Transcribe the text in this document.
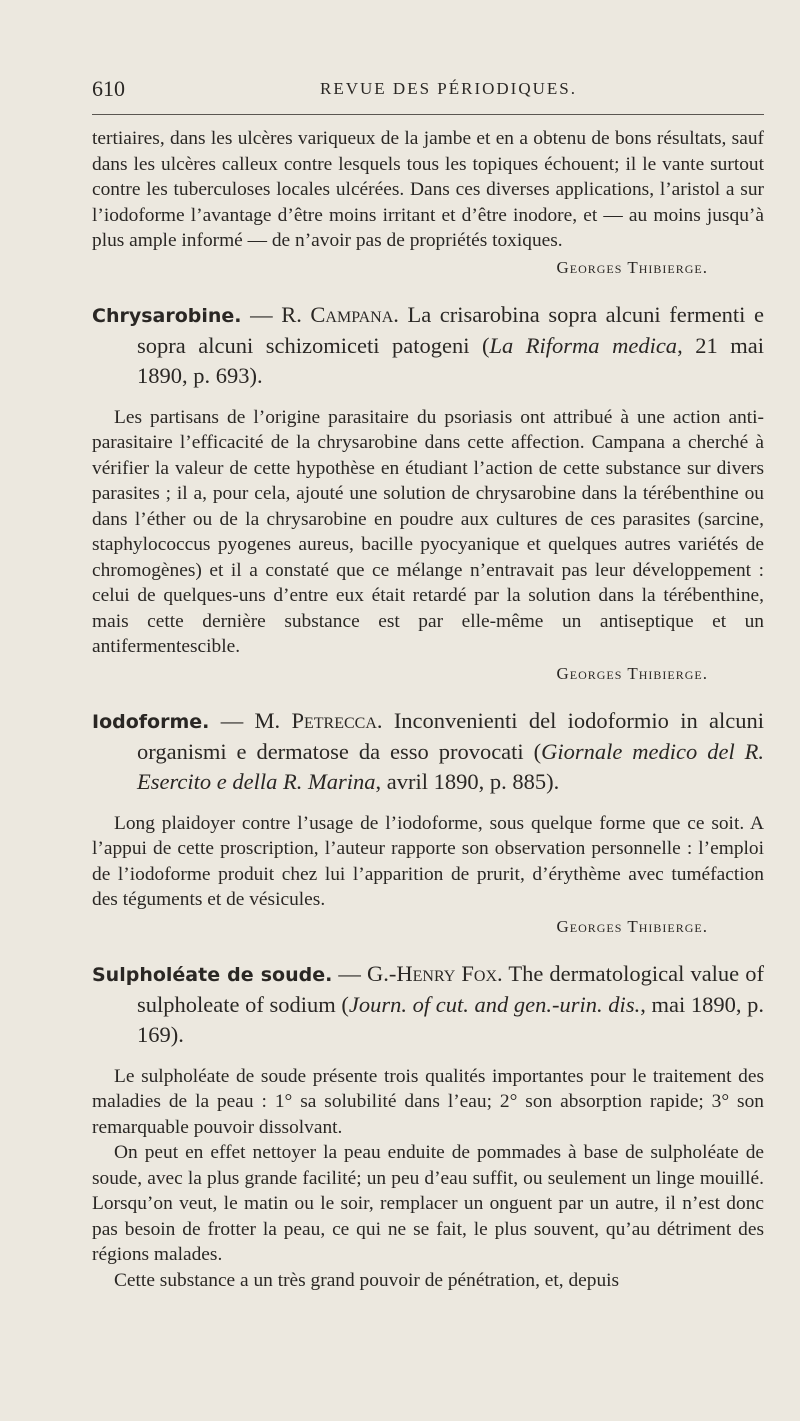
610	REVUE DES PÉRIODIQUES.

tertiaires, dans les ulcères variqueux de la jambe et en a obtenu de bons résultats, sauf dans les ulcères calleux contre lesquels tous les topiques échouent; il le vante surtout contre les tuberculoses locales ulcérées. Dans ces diverses applications, l’aristol a sur l’iodoforme l’avantage d’être moins irritant et d’être inodore, et — au moins jusqu’à plus ample informé — de n’avoir pas de propriétés toxiques.

Georges Thibierge.

Chrysarobine. — R. Campana. La crisarobina sopra alcuni fermenti e sopra alcuni schizomiceti patogeni (La Riforma medica, 21 mai 1890, p. 693).

Les partisans de l’origine parasitaire du psoriasis ont attribué à une action anti-parasitaire l’efficacité de la chrysarobine dans cette affection. Campana a cherché à vérifier la valeur de cette hypothèse en étudiant l’action de cette substance sur divers parasites ; il a, pour cela, ajouté une solution de chrysarobine dans la térébenthine ou dans l’éther ou de la chrysarobine en poudre aux cultures de ces parasites (sarcine, staphylococcus pyogenes aureus, bacille pyocyanique et quelques autres variétés de chromogènes) et il a constaté que ce mélange n’entravait pas leur développement : celui de quelques-uns d’entre eux était retardé par la solution dans la térébenthine, mais cette dernière substance est par elle-même un antiseptique et un antifermentescible.

Georges Thibierge.

Iodoforme. — M. Petrecca. Inconvenienti del iodoformio in alcuni organismi e dermatose da esso provocati (Giornale medico del R. Esercito e della R. Marina, avril 1890, p. 885).

Long plaidoyer contre l’usage de l’iodoforme, sous quelque forme que ce soit. A l’appui de cette proscription, l’auteur rapporte son observation personnelle : l’emploi de l’iodoforme produit chez lui l’apparition de prurit, d’érythème avec tuméfaction des téguments et de vésicules.

Georges Thibierge.

Sulpholéate de soude. — G.-Henry Fox. The dermatological value of sulpholeate of sodium (Journ. of cut. and gen.-urin. dis., mai 1890, p. 169).

Le sulpholéate de soude présente trois qualités importantes pour le traitement des maladies de la peau : 1° sa solubilité dans l’eau; 2° son absorption rapide; 3° son remarquable pouvoir dissolvant.

On peut en effet nettoyer la peau enduite de pommades à base de sulpholéate de soude, avec la plus grande facilité; un peu d’eau suffit, ou seulement un linge mouillé. Lorsqu’on veut, le matin ou le soir, remplacer un onguent par un autre, il n’est donc pas besoin de frotter la peau, ce qui ne se fait, le plus souvent, qu’au détriment des régions malades.

Cette substance a un très grand pouvoir de pénétration, et, depuis
